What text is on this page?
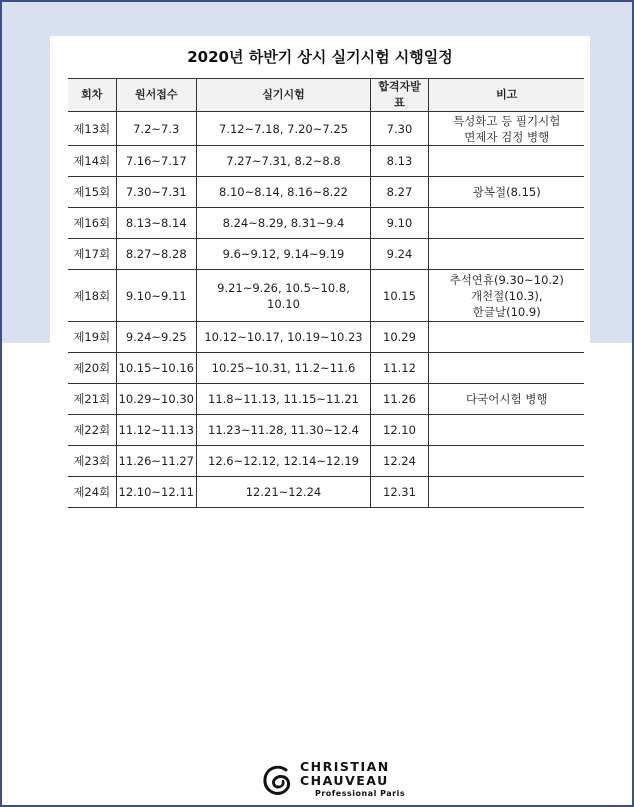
2020년 하반기 상시 실기시험 시행일정
회차	원서접수	실기시험	합격자발표	비고
제13회	7.2~7.3	7.12~7.18, 7.20~7.25	7.30	특성화고 등 필기시험
면제자 검정 병행

제14회	7.16~7.17	7.27~7.31, 8.2~8.8	8.13	
제15회	7.30~7.31	8.10~8.14, 8.16~8.22	8.27	광복절(8.15)

제16회	8.13~8.14	8.24~8.29, 8.31~9.4	9.10	
제17회	8.27~8.28	9.6~9.12, 9.14~9.19	9.24	
제18회	9.10~9.11	9.21~9.26, 10.5~10.8, 10.10	10.15	추석연휴(9.30~10.2)
개천절(10.3),
한글날(10.9)

제19회	9.24~9.25	10.12~10.17, 10.19~10.23	10.29	
제20회	10.15~10.16	10.25~10.31, 11.2~11.6	11.12	
제21회	10.29~10.30	11.8~11.13, 11.15~11.21	11.26	다국어시험 병행

제22회	11.12~11.13	11.23~11.28, 11.30~12.4	12.10	
제23회	11.26~11.27	12.6~12.12, 12.14~12.19	12.24	
제24회	12.10~12.11	12.21~12.24	12.31	
CHRISTIAN
CHAUVEAU
Professional Paris
